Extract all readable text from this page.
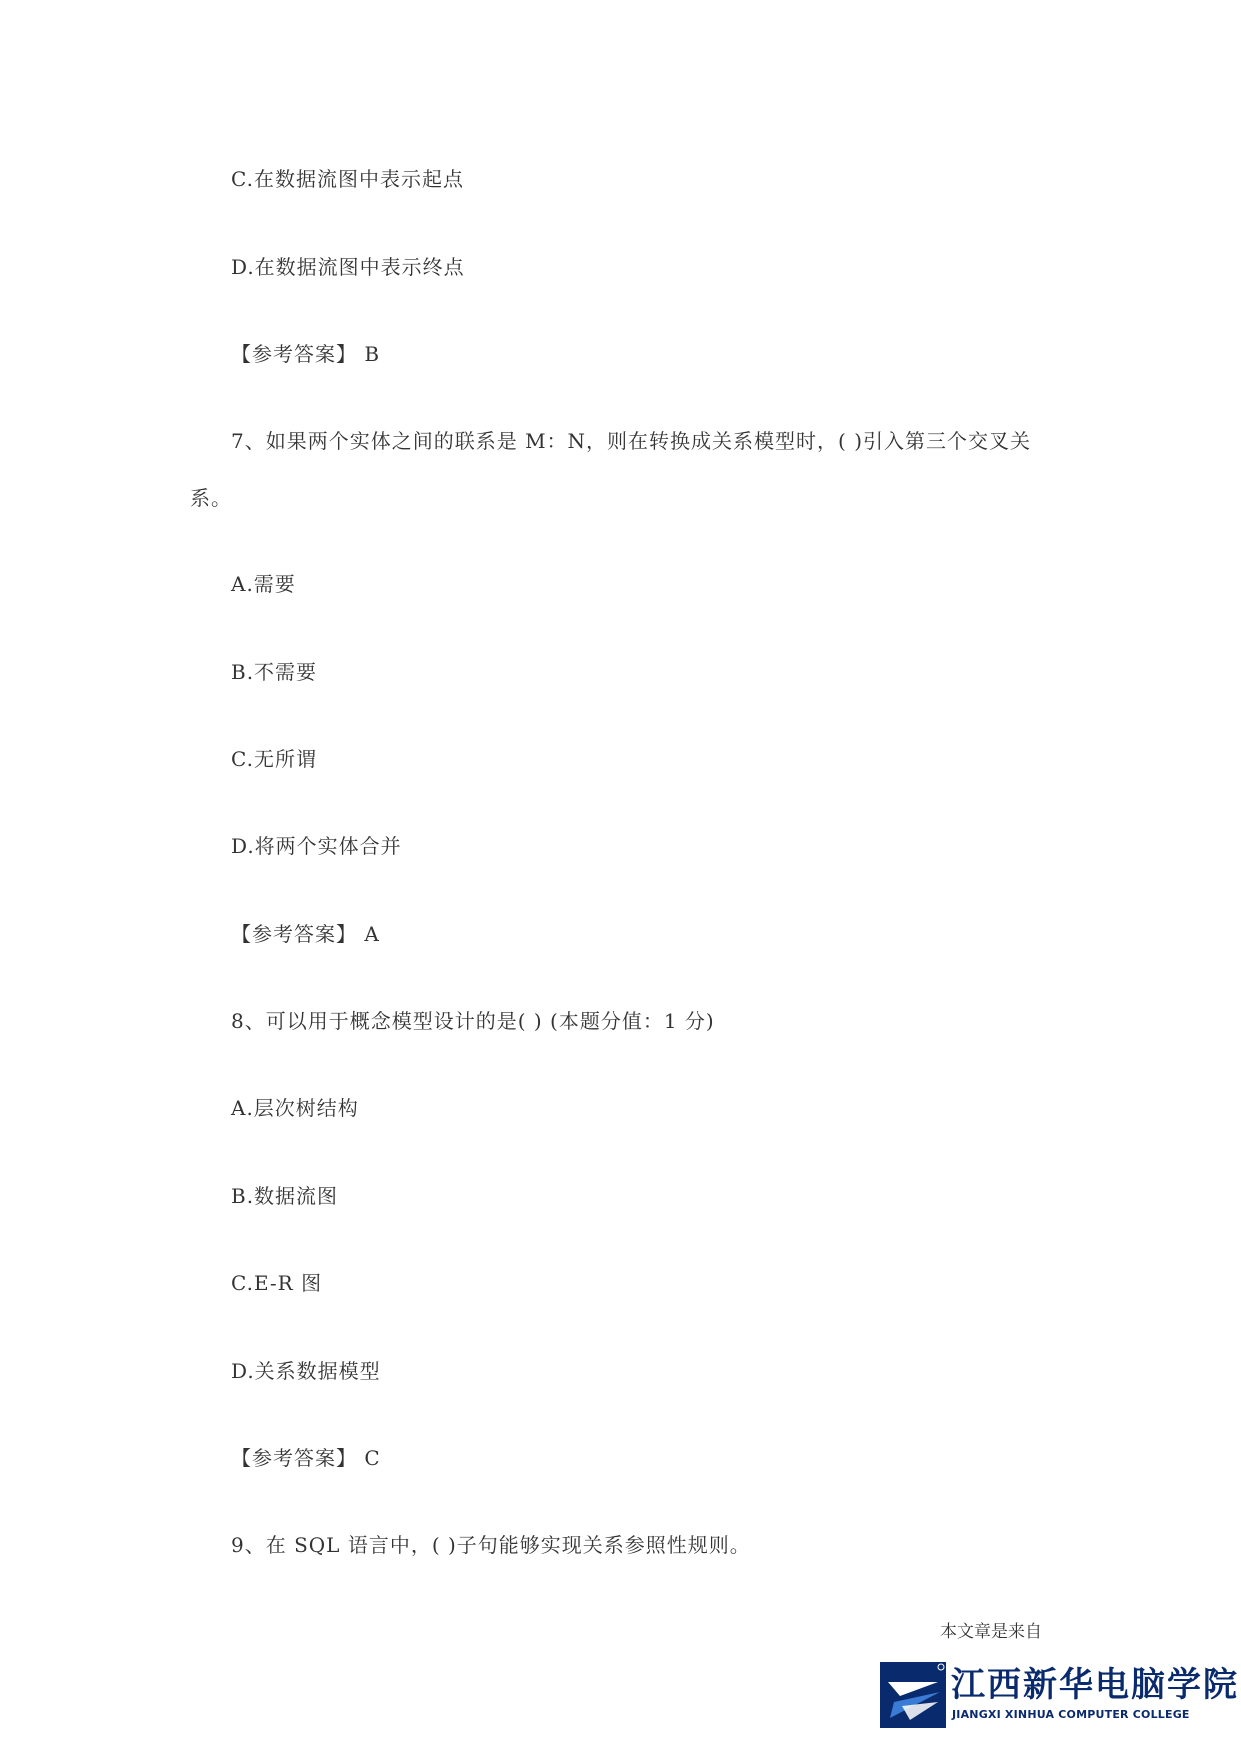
C.在数据流图中表示起点
D.在数据流图中表示终点
【参考答案】 B
7、如果两个实体之间的联系是 M：N，则在转换成关系模型时，( )引入第三个交叉关
系。
A.需要
B.不需要
C.无所谓
D.将两个实体合并
【参考答案】 A
8、可以用于概念模型设计的是( ) (本题分值：1 分)
A.层次树结构
B.数据流图
C.E-R 图
D.关系数据模型
【参考答案】 C
9、在 SQL 语言中，( )子句能够实现关系参照性规则。
本文章是来自
江西新华电脑学院
JIANGXI XINHUA COMPUTER COLLEGE
